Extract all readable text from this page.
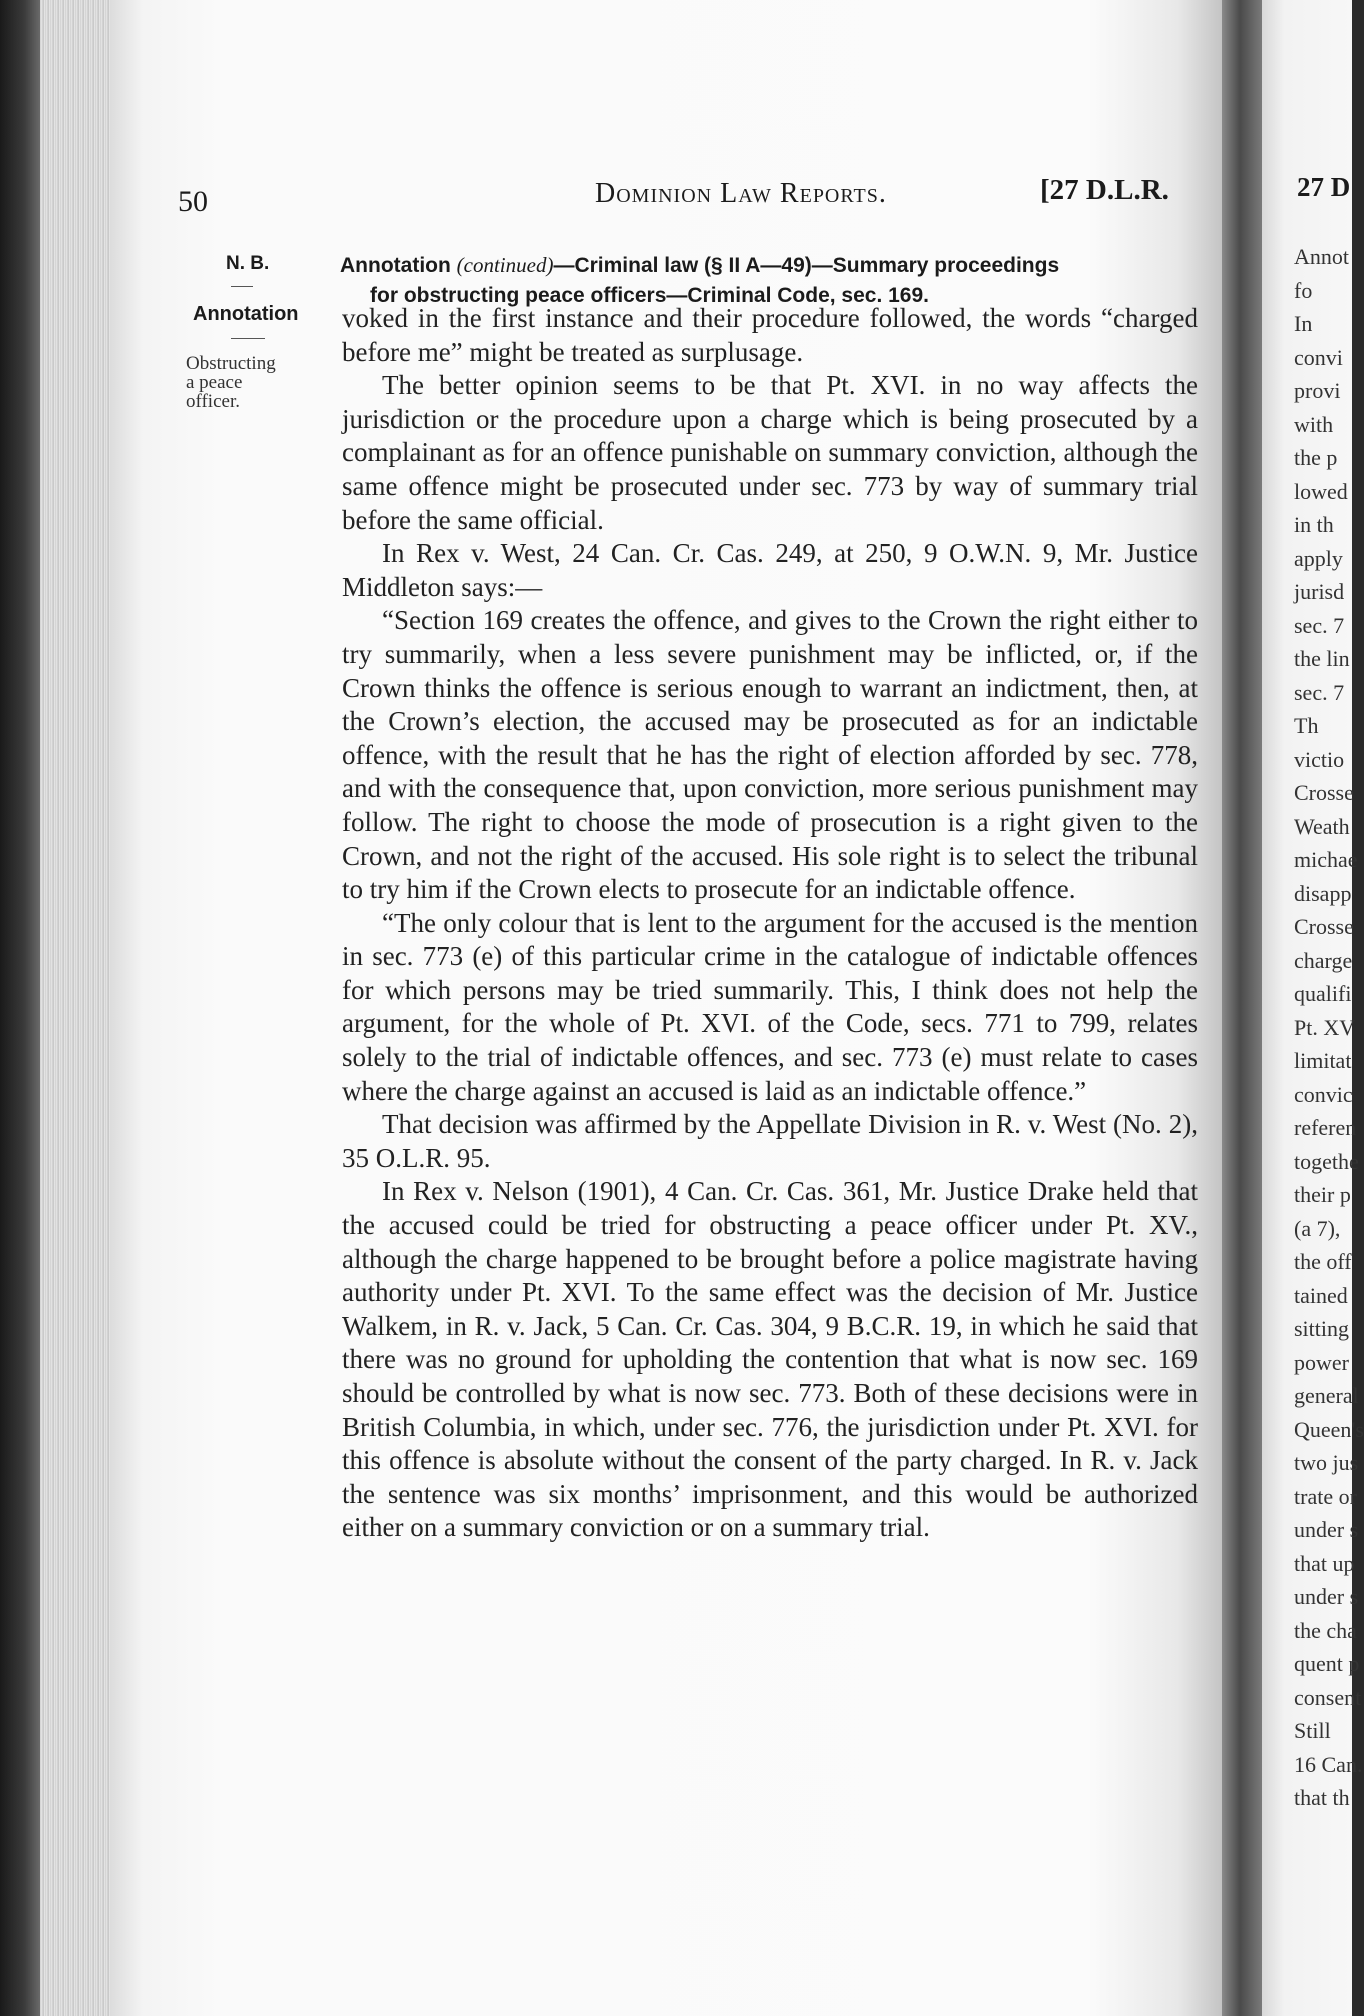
27 D
Annot
fo
In
convi
provi
with
the p
lowed
in th
apply
jurisd
sec. 7
the lin
sec. 7
Th
victio
Crosse
Weath
michae
disapp
Crosse
charge
qualifi
Pt. XV
limitat
convic
referen
togethe
their p
(a 7),
the off
tained
sitting
power
general
Queen's
two jus
trate or
under s
that up
under s
the cha
quent p
consent
Still
16 Can.
that th
50	Dominion Law Reports.	[27 D.L.R.
N. B.
Annotation
Obstructing
a peace
officer.
Annotation (continued)—Criminal law (§ II A—49)—Summary proceedings
for obstructing peace officers—Criminal Code, sec. 169.

voked in the first instance and their procedure followed, the words “charged before me” might be treated as surplusage.

The better opinion seems to be that Pt. XVI. in no way affects the jurisdiction or the procedure upon a charge which is being prosecuted by a complainant as for an offence punishable on summary conviction, although the same offence might be prosecuted under sec. 773 by way of summary trial before the same official.

In Rex v. West, 24 Can. Cr. Cas. 249, at 250, 9 O.W.N. 9, Mr. Justice Middleton says:—

“Section 169 creates the offence, and gives to the Crown the right either to try summarily, when a less severe punishment may be inflicted, or, if the Crown thinks the offence is serious enough to warrant an indictment, then, at the Crown’s election, the accused may be prosecuted as for an indictable offence, with the result that he has the right of election afforded by sec. 778, and with the consequence that, upon conviction, more serious punishment may follow. The right to choose the mode of prosecution is a right given to the Crown, and not the right of the accused. His sole right is to select the tribunal to try him if the Crown elects to prosecute for an indictable offence.

“The only colour that is lent to the argument for the accused is the mention in sec. 773 (e) of this particular crime in the catalogue of indictable offences for which persons may be tried summarily. This, I think does not help the argument, for the whole of Pt. XVI. of the Code, secs. 771 to 799, relates solely to the trial of indictable offences, and sec. 773 (e) must relate to cases where the charge against an accused is laid as an indictable offence.”

That decision was affirmed by the Appellate Division in R. v. West (No. 2), 35 O.L.R. 95.

In Rex v. Nelson (1901), 4 Can. Cr. Cas. 361, Mr. Justice Drake held that the accused could be tried for obstructing a peace officer under Pt. XV., although the charge happened to be brought before a police magistrate having authority under Pt. XVI. To the same effect was the decision of Mr. Justice Walkem, in R. v. Jack, 5 Can. Cr. Cas. 304, 9 B.C.R. 19, in which he said that there was no ground for upholding the contention that what is now sec. 169 should be controlled by what is now sec. 773. Both of these decisions were in British Columbia, in which, under sec. 776, the jurisdiction under Pt. XVI. for this offence is absolute without the consent of the party charged. In R. v. Jack the sentence was six months’ imprisonment, and this would be authorized either on a summary conviction or on a summary trial.
